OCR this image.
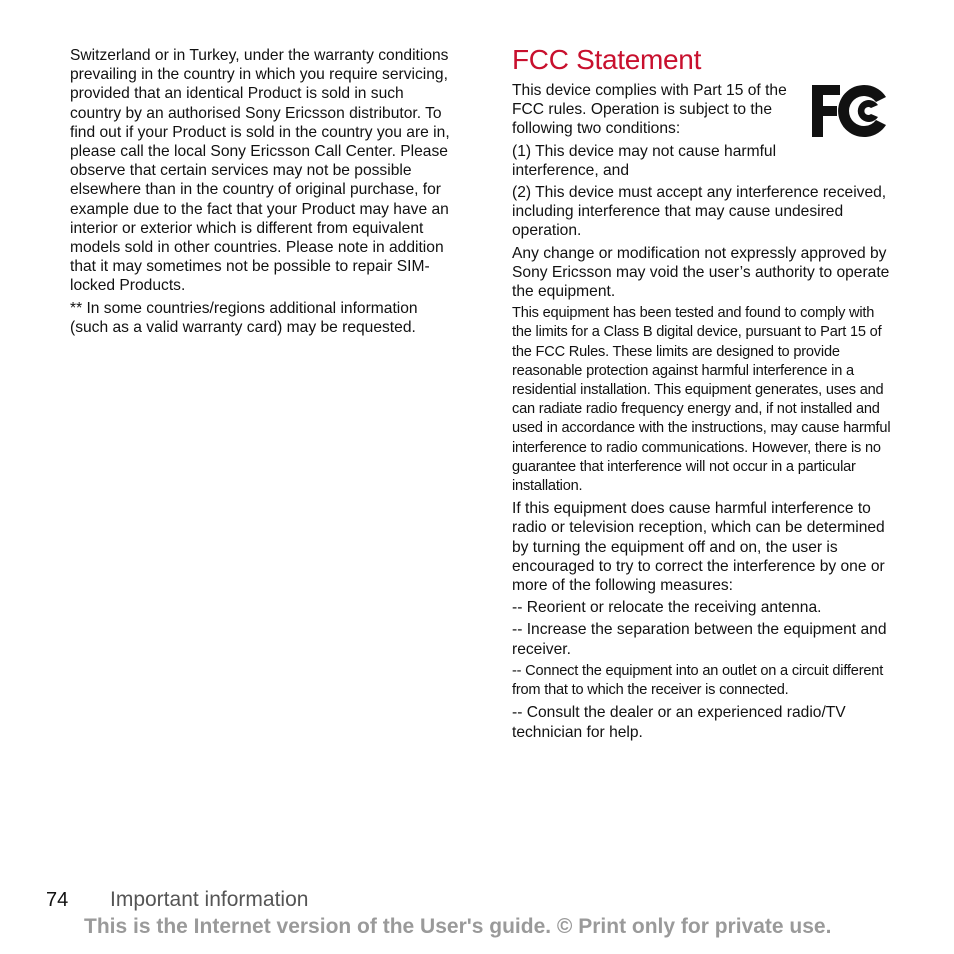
Switzerland or in Turkey, under the warranty conditions prevailing in the country in which you require servicing, provided that an identical Product is sold in such country by an authorised Sony Ericsson distributor. To find out if your Product is sold in the country you are in, please call the local Sony Ericsson Call Center. Please observe that certain services may not be possible elsewhere than in the country of original purchase, for example due to the fact that your Product may have an interior or exterior which is different from equivalent models sold in other countries. Please note in addition that it may sometimes not be possible to repair SIM-locked Products.

** In some countries/regions additional information (such as a valid warranty card) may be requested.

FCC Statement

This device complies with Part 15 of the FCC rules. Operation is subject to the following two conditions:

(1) This device may not cause harmful interference, and

(2) This device must accept any interference received, including interference that may cause undesired operation.

Any change or modification not expressly approved by Sony Ericsson may void the user’s authority to operate the equipment.

This equipment has been tested and found to comply with the limits for a Class B digital device, pursuant to Part 15 of the FCC Rules. These limits are designed to provide reasonable protection against harmful interference in a residential installation. This equipment generates, uses and can radiate radio frequency energy and, if not installed and used in accordance with the instructions, may cause harmful interference to radio communications. However, there is no guarantee that interference will not occur in a particular installation.

If this equipment does cause harmful interference to radio or television reception, which can be determined by turning the equipment off and on, the user is encouraged to try to correct the interference by one or more of the following measures:

-- Reorient or relocate the receiving antenna.

-- Increase the separation between the equipment and receiver.

-- Connect the equipment into an outlet on a circuit different from that to which the receiver is connected.

-- Consult the dealer or an experienced radio/TV technician for help.

74 Important information
This is the Internet version of the User's guide. © Print only for private use.
